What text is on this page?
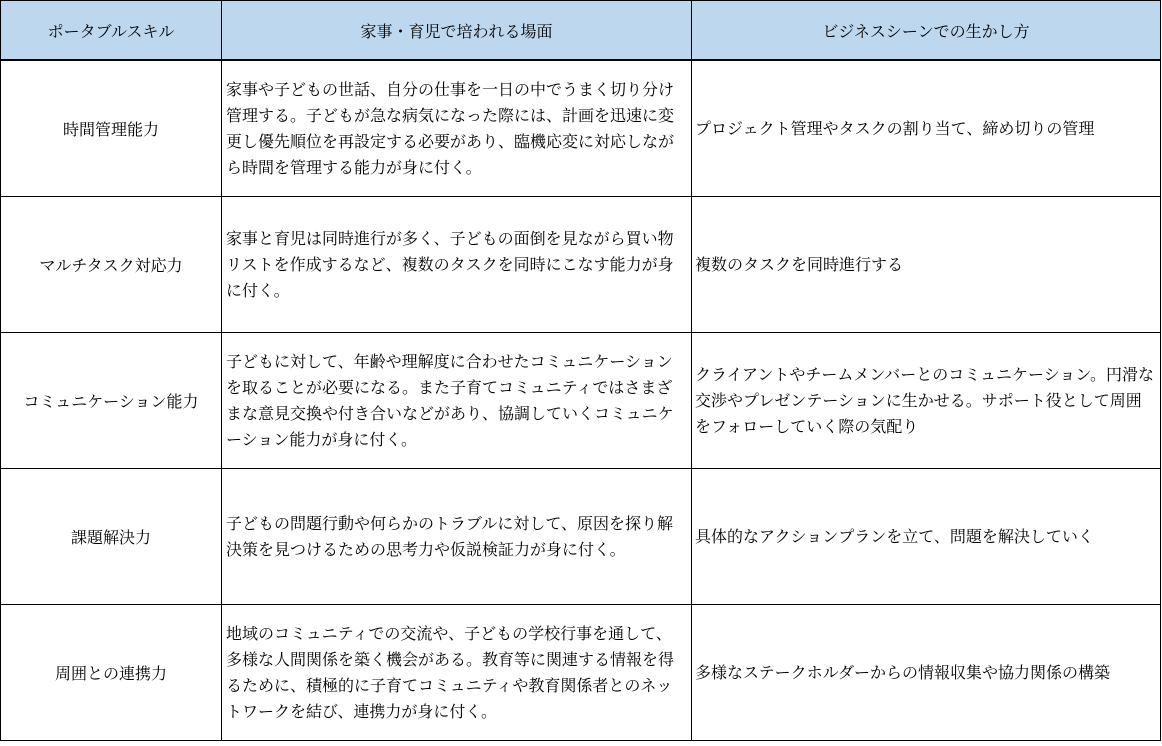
ポータブルスキル	家事・育児で培われる場面	ビジネスシーンでの生かし方
時間管理能力	家事や子どもの世話、自分の仕事を一日の中でうまく切り分け管理する。子どもが急な病気になった際には、計画を迅速に変更し優先順位を再設定する必要があり、臨機応変に対応しながら時間を管理する能力が身に付く。	プロジェクト管理やタスクの割り当て、締め切りの管理
マルチタスク対応力	家事と育児は同時進行が多く、子どもの面倒を見ながら買い物リストを作成するなど、複数のタスクを同時にこなす能力が身に付く。	複数のタスクを同時進行する
コミュニケーション能力	子どもに対して、年齢や理解度に合わせたコミュニケーションを取ることが必要になる。また子育てコミュニティではさまざまな意見交換や付き合いなどがあり、協調していくコミュニケーション能力が身に付く。	クライアントやチームメンバーとのコミュニケーション。円滑な交渉やプレゼンテーションに生かせる。サポート役として周囲をフォローしていく際の気配り
課題解決力	子どもの問題行動や何らかのトラブルに対して、原因を探り解決策を見つけるための思考力や仮説検証力が身に付く。	具体的なアクションプランを立て、問題を解決していく
周囲との連携力	地域のコミュニティでの交流や、子どもの学校行事を通して、多様な人間関係を築く機会がある。教育等に関連する情報を得るために、積極的に子育てコミュニティや教育関係者とのネットワークを結び、連携力が身に付く。	多様なステークホルダーからの情報収集や協力関係の構築
